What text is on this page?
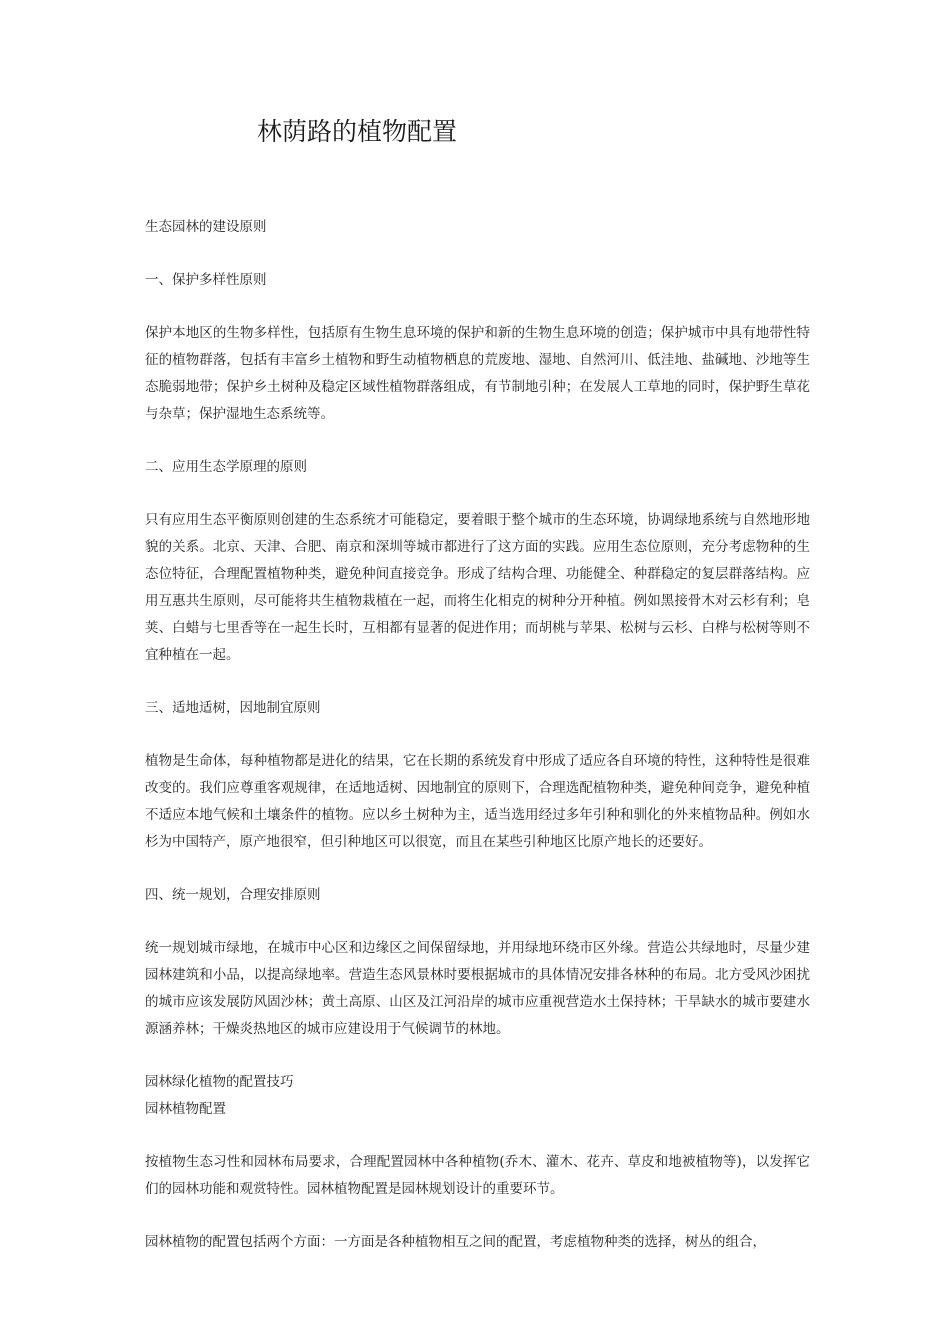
林荫路的植物配置

生态园林的建设原则

一、保护多样性原则

保护本地区的生物多样性，包括原有生物生息环境的保护和新的生物生息环境的创造；保护城市中具有地带性特征的植物群落，包括有丰富乡土植物和野生动植物栖息的荒废地、湿地、自然河川、低洼地、盐碱地、沙地等生态脆弱地带；保护乡土树种及稳定区域性植物群落组成，有节制地引种；在发展人工草地的同时，保护野生草花与杂草；保护湿地生态系统等。

二、应用生态学原理的原则

只有应用生态平衡原则创建的生态系统才可能稳定，要着眼于整个城市的生态环境，协调绿地系统与自然地形地貌的关系。北京、天津、合肥、南京和深圳等城市都进行了这方面的实践。应用生态位原则，充分考虑物种的生态位特征，合理配置植物种类，避免种间直接竞争。形成了结构合理、功能健全、种群稳定的复层群落结构。应用互惠共生原则，尽可能将共生植物栽植在一起，而将生化相克的树种分开种植。例如黑接骨木对云杉有利；皂荚、白蜡与七里香等在一起生长时，互相都有显著的促进作用；而胡桃与苹果、松树与云杉、白桦与松树等则不宜种植在一起。

三、适地适树，因地制宜原则

植物是生命体，每种植物都是进化的结果，它在长期的系统发育中形成了适应各自环境的特性，这种特性是很难改变的。我们应尊重客观规律，在适地适树、因地制宜的原则下，合理选配植物种类，避免种间竞争，避免种植不适应本地气候和土壤条件的植物。应以乡土树种为主，适当选用经过多年引种和驯化的外来植物品种。例如水杉为中国特产，原产地很窄，但引种地区可以很宽，而且在某些引种地区比原产地长的还要好。

四、统一规划，合理安排原则

统一规划城市绿地，在城市中心区和边缘区之间保留绿地，并用绿地环绕市区外缘。营造公共绿地时，尽量少建园林建筑和小品，以提高绿地率。营造生态风景林时要根据城市的具体情况安排各林种的布局。北方受风沙困扰的城市应该发展防风固沙林；黄土高原、山区及江河沿岸的城市应重视营造水土保持林；干旱缺水的城市要建水源涵养林；干燥炎热地区的城市应建设用于气候调节的林地。

园林绿化植物的配置技巧

园林植物配置

按植物生态习性和园林布局要求，合理配置园林中各种植物(乔木、灌木、花卉、草皮和地被植物等)，以发挥它们的园林功能和观赏特性。园林植物配置是园林规划设计的重要环节。

园林植物的配置包括两个方面：一方面是各种植物相互之间的配置，考虑植物种类的选择，树丛的组合，
